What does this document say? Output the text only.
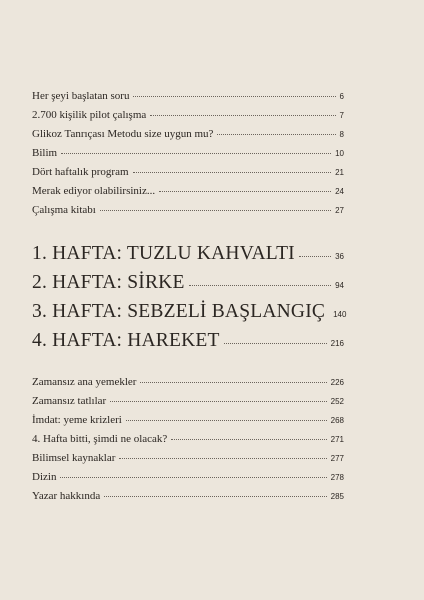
Her şeyi başlatan soru	6
2.700 kişilik pilot çalışma	7
Glikoz Tanrıçası Metodu size uygun mu?	8
Bilim	10
Dört haftalık program	21
Merak ediyor olabilirsiniz...	24
Çalışma kitabı	27
1. HAFTA: TUZLU KAHVALTI	36
2. HAFTA: SİRKE	94
3. HAFTA: SEBZELİ BAŞLANGIÇ 140
4. HAFTA: HAREKET	216
Zamansız ana yemekler	226
Zamansız tatlılar	252
İmdat: yeme krizleri	268
4. Hafta bitti, şimdi ne olacak?	271
Bilimsel kaynaklar	277
Dizin	278
Yazar hakkında	285
